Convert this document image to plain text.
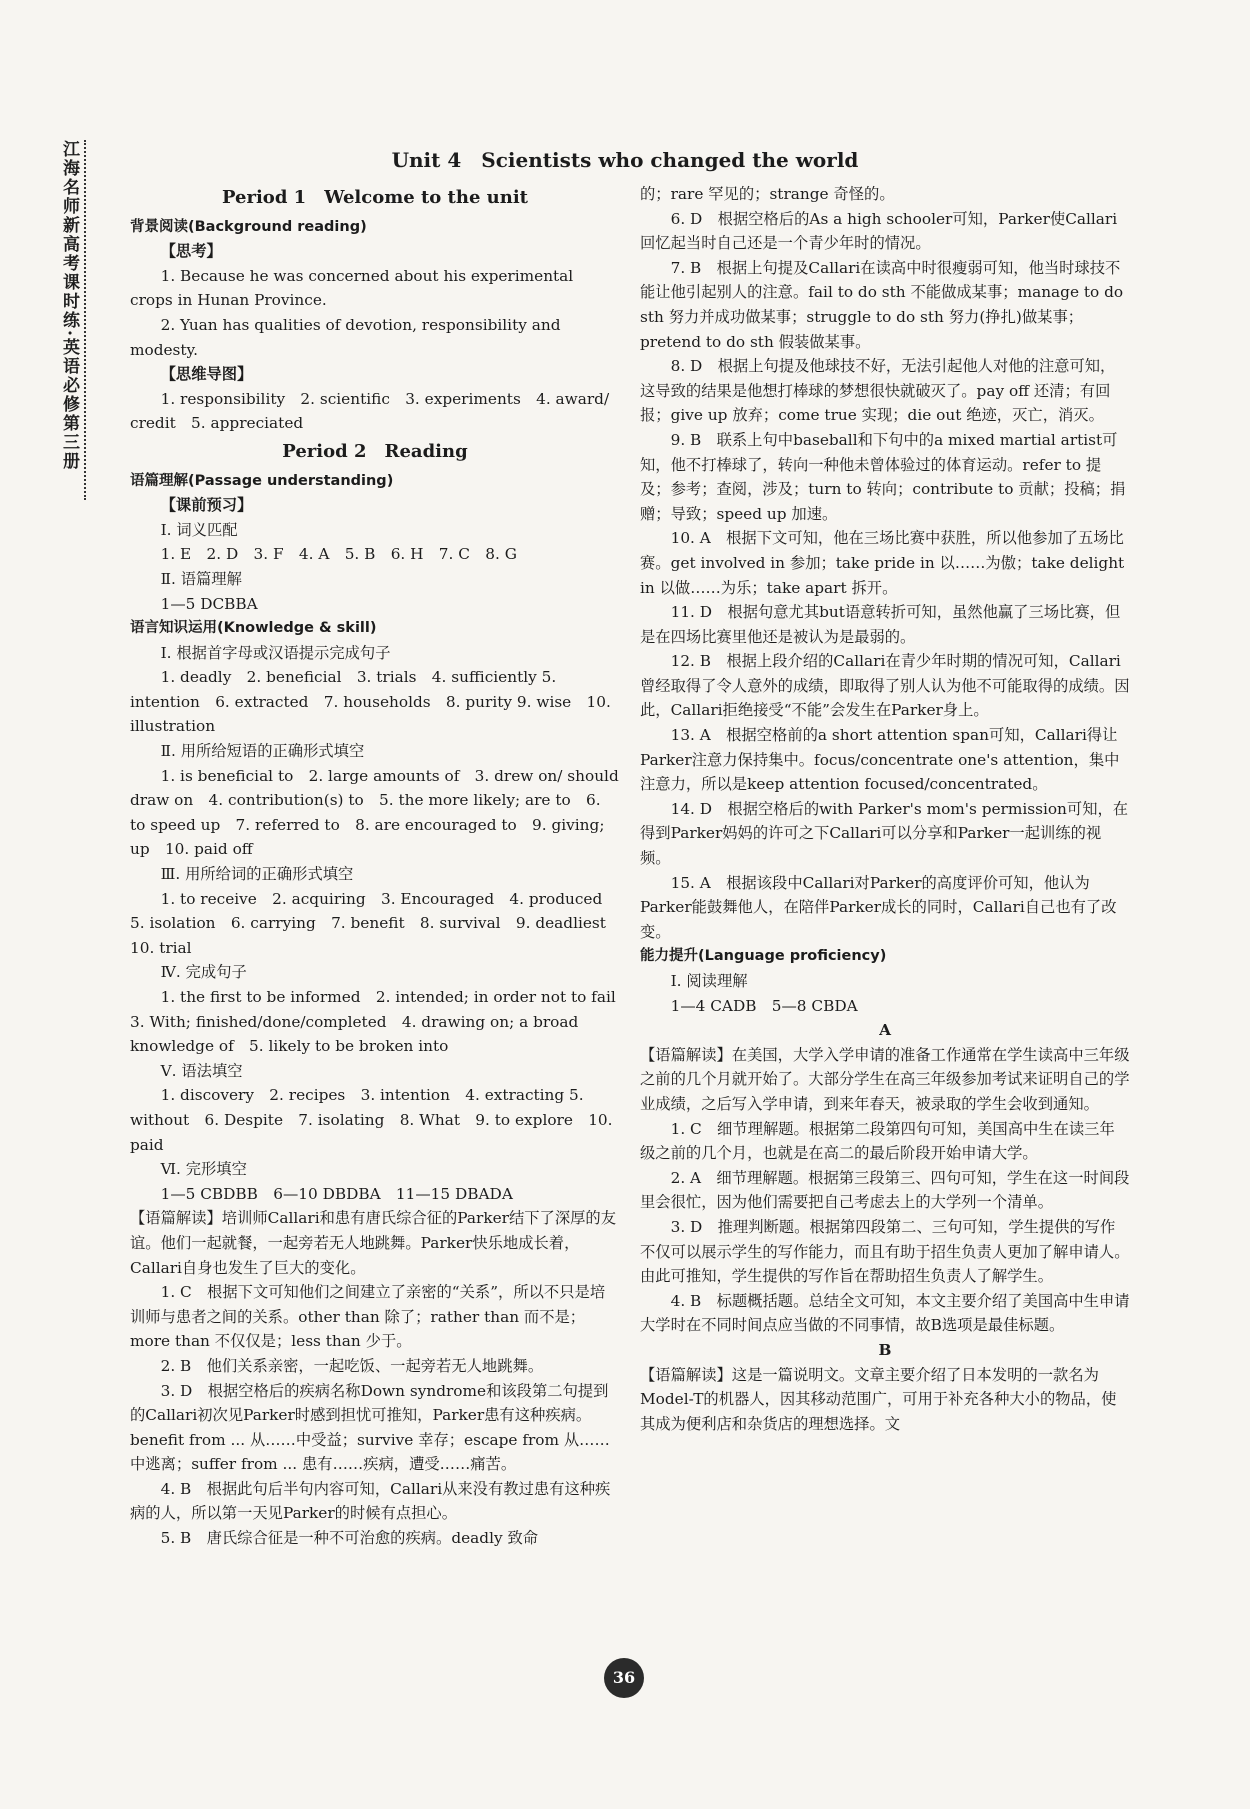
江海名师新高考课时练·英语必修第三册	Unit 4　Scientists who changed the world

Period 1　Welcome to the unit

背景阅读(Background reading)

【思考】

1. Because he was concerned about his experimental crops in Hunan Province.

2. Yuan has qualities of devotion, responsibility and modesty.

【思维导图】

1. responsibility　2. scientific　3. experiments　4. award/ credit　5. appreciated

Period 2　Reading

语篇理解(Passage understanding)

【课前预习】

Ⅰ. 词义匹配

1. E　2. D　3. F　4. A　5. B　6. H　7. C　8. G

Ⅱ. 语篇理解

1—5 DCBBA

语言知识运用(Knowledge & skill)

Ⅰ. 根据首字母或汉语提示完成句子

1. deadly　2. beneficial　3. trials　4. sufficiently 5. intention　6. extracted　7. households　8. purity 9. wise　10. illustration

Ⅱ. 用所给短语的正确形式填空

1. is beneficial to　2. large amounts of　3. drew on/ should draw on　4. contribution(s) to　5. the more likely; are to　6. to speed up　7. referred to　8. are encouraged to　9. giving; up　10. paid off

Ⅲ. 用所给词的正确形式填空

1. to receive　2. acquiring　3. Encouraged　4. produced 5. isolation　6. carrying　7. benefit　8. survival　9. deadliest 10. trial

Ⅳ. 完成句子

1. the first to be informed　2. intended; in order not to fail　3. With; finished/done/completed　4. drawing on; a broad knowledge of　5. likely to be broken into

Ⅴ. 语法填空

1. discovery　2. recipes　3. intention　4. extracting 5. without　6. Despite　7. isolating　8. What　9. to explore　10. paid

Ⅵ. 完形填空

1—5 CBDBB　6—10 DBDBA　11—15 DBADA

【语篇解读】培训师Callari和患有唐氏综合征的Parker结下了深厚的友谊。他们一起就餐，一起旁若无人地跳舞。Parker快乐地成长着，Callari自身也发生了巨大的变化。

1. C　根据下文可知他们之间建立了亲密的“关系”，所以不只是培训师与患者之间的关系。other than 除了；rather than 而不是；more than 不仅仅是；less than 少于。

2. B　他们关系亲密，一起吃饭、一起旁若无人地跳舞。

3. D　根据空格后的疾病名称Down syndrome和该段第二句提到的Callari初次见Parker时感到担忧可推知，Parker患有这种疾病。benefit from ... 从……中受益；survive 幸存；escape from 从……中逃离；suffer from ... 患有……疾病，遭受……痛苦。

4. B　根据此句后半句内容可知，Callari从来没有教过患有这种疾病的人，所以第一天见Parker的时候有点担心。

5. B　唐氏综合征是一种不可治愈的疾病。deadly 致命

的；rare 罕见的；strange 奇怪的。

6. D　根据空格后的As a high schooler可知，Parker使Callari回忆起当时自己还是一个青少年时的情况。

7. B　根据上句提及Callari在读高中时很瘦弱可知，他当时球技不能让他引起别人的注意。fail to do sth 不能做成某事；manage to do sth 努力并成功做某事；struggle to do sth 努力(挣扎)做某事；pretend to do sth 假装做某事。

8. D　根据上句提及他球技不好，无法引起他人对他的注意可知，这导致的结果是他想打棒球的梦想很快就破灭了。pay off 还清；有回报；give up 放弃；come true 实现；die out 绝迹，灭亡，消灭。

9. B　联系上句中baseball和下句中的a mixed martial artist可知，他不打棒球了，转向一种他未曾体验过的体育运动。refer to 提及；参考；查阅，涉及；turn to 转向；contribute to 贡献；投稿；捐赠；导致；speed up 加速。

10. A　根据下文可知，他在三场比赛中获胜，所以他参加了五场比赛。get involved in 参加；take pride in 以……为傲；take delight in 以做……为乐；take apart 拆开。

11. D　根据句意尤其but语意转折可知，虽然他赢了三场比赛，但是在四场比赛里他还是被认为是最弱的。

12. B　根据上段介绍的Callari在青少年时期的情况可知，Callari曾经取得了令人意外的成绩，即取得了别人认为他不可能取得的成绩。因此，Callari拒绝接受“不能”会发生在Parker身上。

13. A　根据空格前的a short attention span可知，Callari得让Parker注意力保持集中。focus/concentrate one's attention，集中注意力，所以是keep attention focused/concentrated。

14. D　根据空格后的with Parker's mom's permission可知，在得到Parker妈妈的许可之下Callari可以分享和Parker一起训练的视频。

15. A　根据该段中Callari对Parker的高度评价可知，他认为Parker能鼓舞他人，在陪伴Parker成长的同时，Callari自己也有了改变。

能力提升(Language proficiency)

Ⅰ. 阅读理解

1—4 CADB　5—8 CBDA

A

【语篇解读】在美国，大学入学申请的准备工作通常在学生读高中三年级之前的几个月就开始了。大部分学生在高三年级参加考试来证明自己的学业成绩，之后写入学申请，到来年春天，被录取的学生会收到通知。

1. C　细节理解题。根据第二段第四句可知，美国高中生在读三年级之前的几个月，也就是在高二的最后阶段开始申请大学。

2. A　细节理解题。根据第三段第三、四句可知，学生在这一时间段里会很忙，因为他们需要把自己考虑去上的大学列一个清单。

3. D　推理判断题。根据第四段第二、三句可知，学生提供的写作不仅可以展示学生的写作能力，而且有助于招生负责人更加了解申请人。由此可推知，学生提供的写作旨在帮助招生负责人了解学生。

4. B　标题概括题。总结全文可知，本文主要介绍了美国高中生申请大学时在不同时间点应当做的不同事情，故B选项是最佳标题。

B

【语篇解读】这是一篇说明文。文章主要介绍了日本发明的一款名为Model-T的机器人，因其移动范围广，可用于补充各种大小的物品，使其成为便利店和杂货店的理想选择。文

36
